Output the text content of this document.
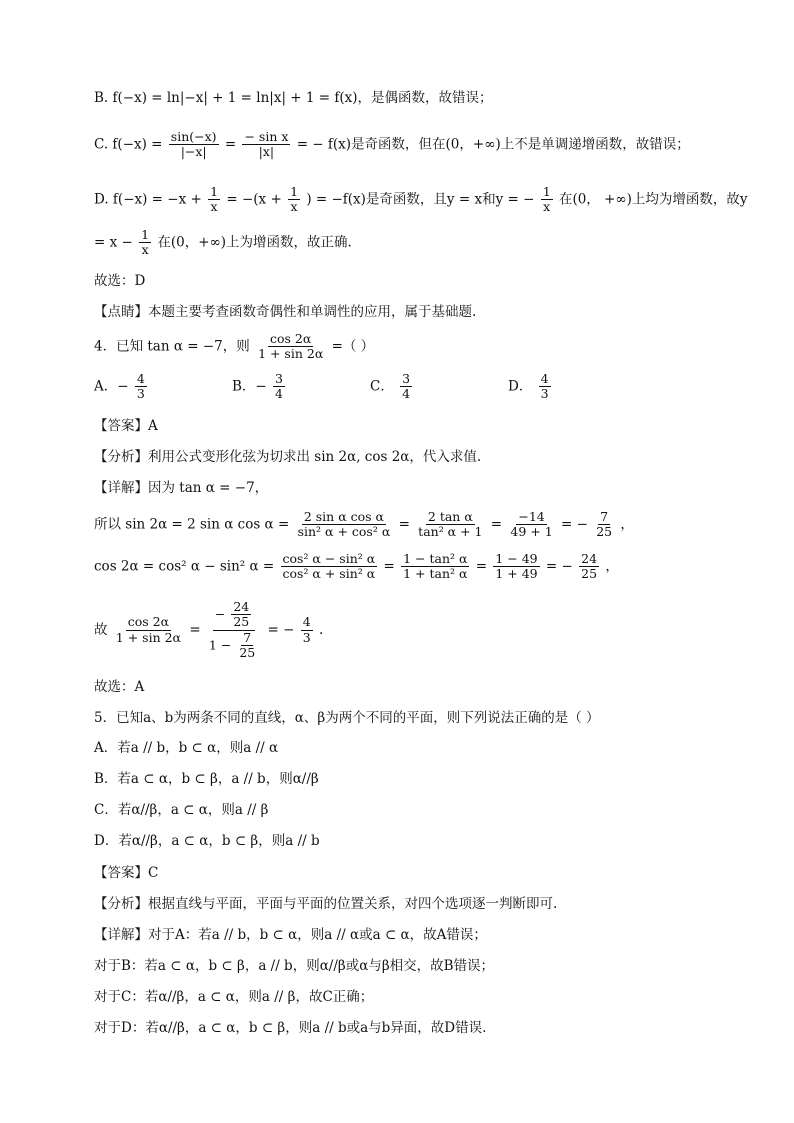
B. f(−x) = ln|−x| + 1 = ln|x| + 1 = f(x)，是偶函数，故错误；
C. $f(-x) = \frac{\sin(-x)}{|-x|} = \frac{\text{− sin x}}{|x|}$ = − f(x)是奇函数，但在(0，+∞)上不是单调递增函数，故错误；
D. $f(-x) = -x + \frac{1}{x} = -(x + \frac{1}{x}$ ) = −f(x)是奇函数，且y = x和y = − $\frac{1}{x}$ 在(0， +∞)上均为增函数，故y
= $x - \frac{1}{x}$ 在(0，+∞)上为增函数，故正确.
故选：D
【点睛】本题主要考查函数奇偶性和单调性的应用，属于基础题.
4．已知 tan α = −7，则 $\frac{\cos 2\alpha}{1 + \sin 2\alpha}$ =（ ）
A．− $\frac{4}{3}$	B．− $\frac{3}{4}$	C． $\frac{3}{4}$	D． $\frac{4}{3}$
【答案】A
【分析】利用公式变形化弦为切求出 sin 2α, cos 2α，代入求值.
【详解】因为 tan α = −7，
所以 sin 2α = 2 sin α $\cos \alpha = \frac{\text{2 sin α cos α}}{\text{sin² α + cos² α}} = \frac{\text{2 tan α}}{\text{tan² α + 1}} = \frac{-14}{49 + 1}$ = − $\frac{7}{25}$ ，
cos 2α = cos² α − sin² $\alpha = \frac{\text{cos² α − sin² α}}{\text{cos² α + sin² α}} = \frac{\text{1 − tan² α}}{\text{1 + tan² α}} = \frac{1 - 49}{1 + 49}$ = − $\frac{24}{25}$ ，
故 $\frac{\cos 2\alpha}{1 + \sin 2\alpha} = \frac{- \frac{24}{25}}{1 - \frac{7}{25}}$ = − $\frac{4}{3}$ .
故选：A
5．已知a、b为两条不同的直线，α、β为两个不同的平面，则下列说法正确的是（ ）
A．若a // b，b ⊂ α，则a // α
B．若a ⊂ α，b ⊂ β，a // b，则α//β
C．若α//β，a ⊂ α，则a // β
D．若α//β，a ⊂ α，b ⊂ β，则a // b
【答案】C
【分析】根据直线与平面，平面与平面的位置关系，对四个选项逐一判断即可.
【详解】对于A：若a // b，b ⊂ α，则a // α或a ⊂ α，故A错误；
对于B：若a ⊂ α，b ⊂ β，a // b，则α//β或α与β相交，故B错误；
对于C：若α//β，a ⊂ α，则a // β，故C正确；
对于D：若α//β，a ⊂ α，b ⊂ β，则a // b或a与b异面，故D错误.
